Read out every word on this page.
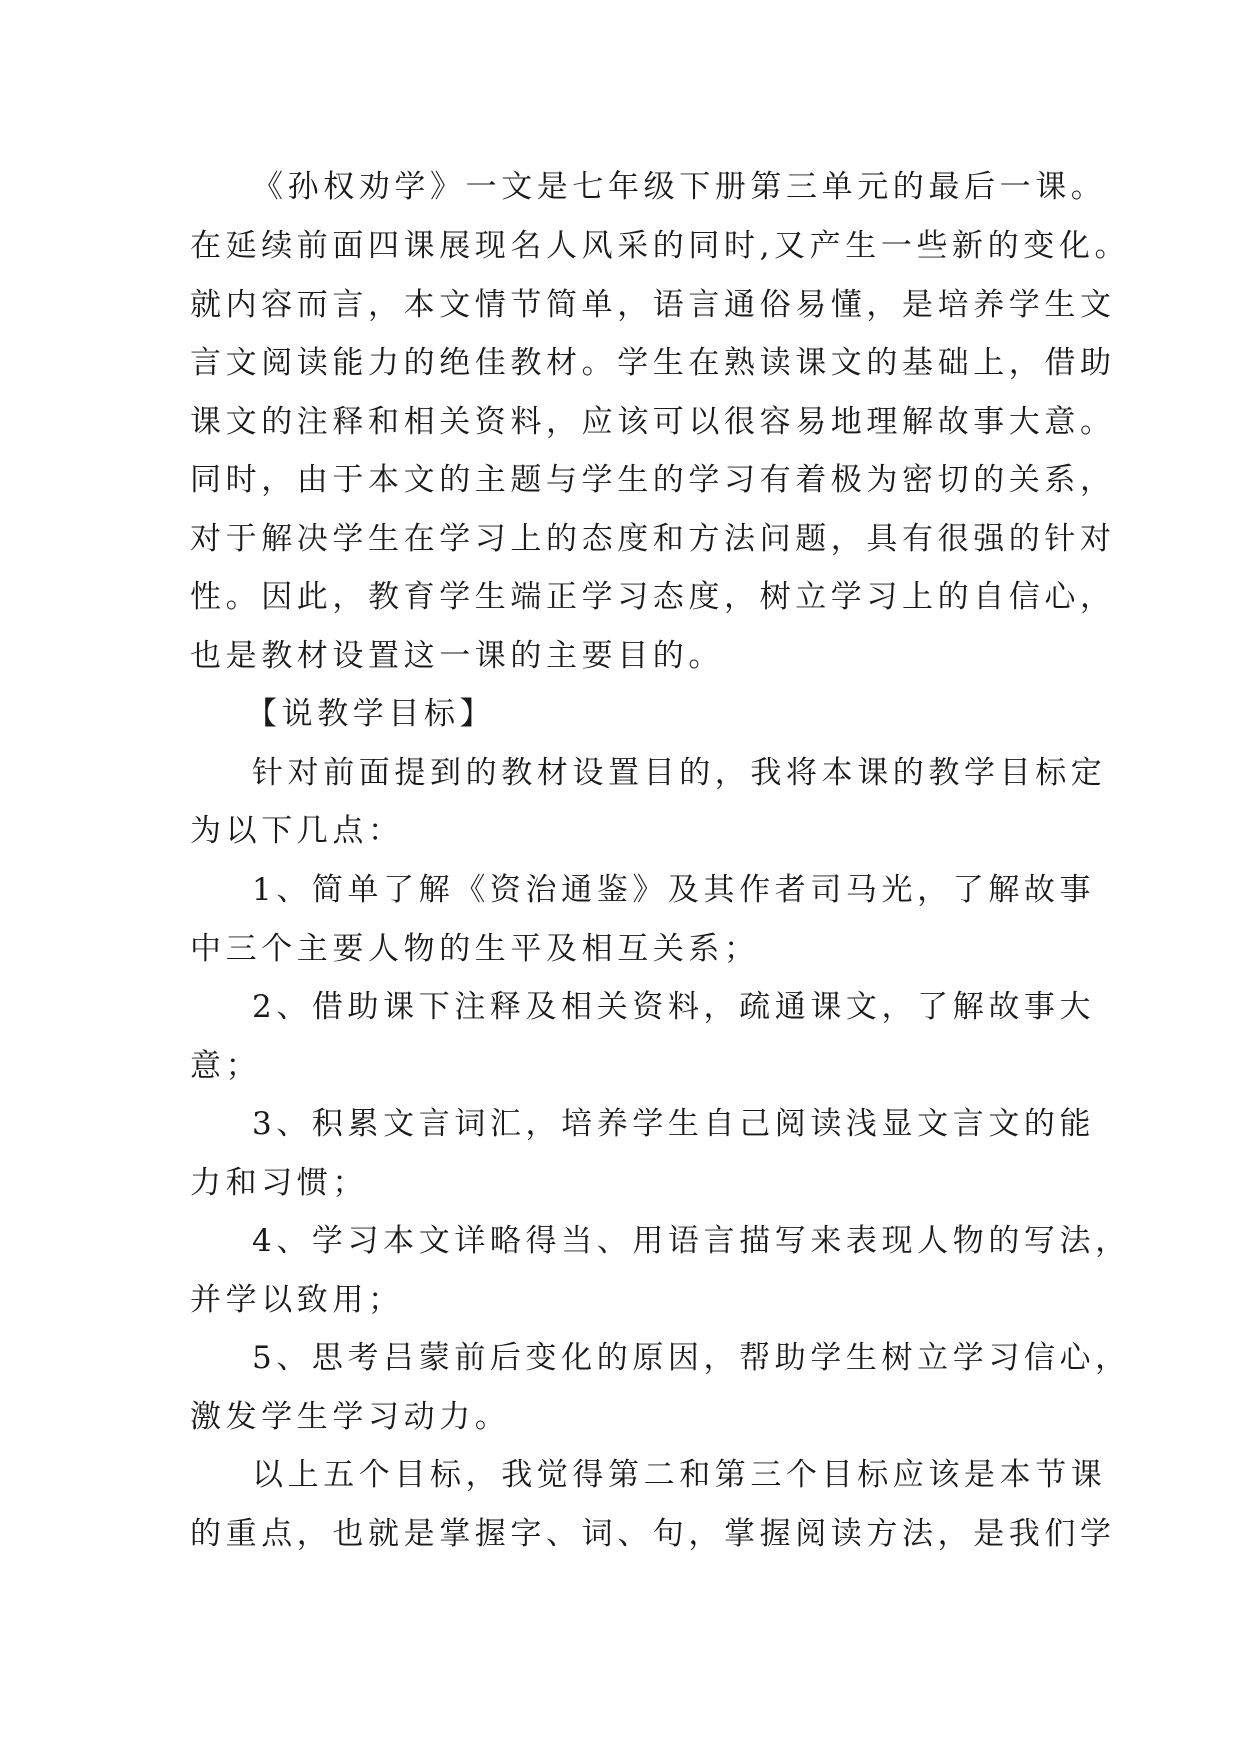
《孙权劝学》一文是七年级下册第三单元的最后一课。
在延续前面四课展现名人风采的同时,又产生一些新的变化。
就内容而言，本文情节简单，语言通俗易懂，是培养学生文
言文阅读能力的绝佳教材。学生在熟读课文的基础上，借助
课文的注释和相关资料，应该可以很容易地理解故事大意。
同时，由于本文的主题与学生的学习有着极为密切的关系，
对于解决学生在学习上的态度和方法问题，具有很强的针对
性。因此，教育学生端正学习态度，树立学习上的自信心，
也是教材设置这一课的主要目的。
【说教学目标】
针对前面提到的教材设置目的，我将本课的教学目标定
为以下几点：
1、简单了解《资治通鉴》及其作者司马光，了解故事
中三个主要人物的生平及相互关系；
2、借助课下注释及相关资料，疏通课文，了解故事大
意；
3、积累文言词汇，培养学生自己阅读浅显文言文的能
力和习惯；
4、学习本文详略得当、用语言描写来表现人物的写法，
并学以致用；
5、思考吕蒙前后变化的原因，帮助学生树立学习信心，
激发学生学习动力。
以上五个目标，我觉得第二和第三个目标应该是本节课
的重点，也就是掌握字、词、句，掌握阅读方法，是我们学
